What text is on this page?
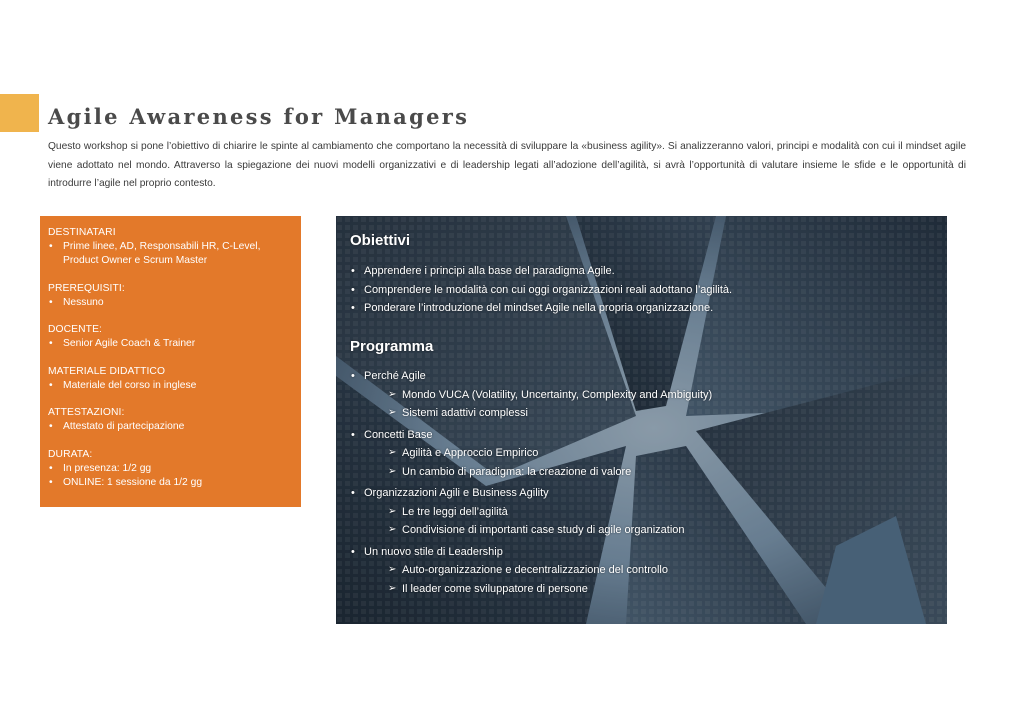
Agile Awareness for Managers

Questo workshop si pone l’obiettivo di chiarire le spinte al cambiamento che comportano la necessità di sviluppare la «business agility». Si analizzeranno valori, principi e modalità con cui il mindset agile viene adottato nel mondo. Attraverso la spiegazione dei nuovi modelli organizzativi e di leadership legati all’adozione dell’agilità, si avrà l’opportunità di valutare insieme le sfide e le opportunità di introdurre l’agile nel proprio contesto.

DESTINATARI

• Prime linee, AD, Responsabili HR, C-Level, Product Owner e Scrum Master

PREREQUISITI:

• Nessuno

DOCENTE:

• Senior Agile Coach & Trainer

MATERIALE DIDATTICO

• Materiale del corso in inglese

ATTESTAZIONI:

• Attestato di partecipazione

DURATA:

• In presenza: 1/2 gg
• ONLINE: 1 sessione da 1/2 gg
Obiettivi
• Apprendere i principi alla base del paradigma Agile.
• Comprendere le modalità con cui oggi organizzazioni reali adottano l’agilità.
• Ponderare l’introduzione del mindset Agile nella propria organizzazione.
Programma
• Perché Agile
➢ Mondo VUCA (Volatility, Uncertainty, Complexity and Ambiguity)
➢ Sistemi adattivi complessi
• Concetti Base
➢ Agilità e Approccio Empirico
➢ Un cambio di paradigma: la creazione di valore
• Organizzazioni Agili e Business Agility
➢ Le tre leggi dell’agilità
➢ Condivisione di importanti case study di agile organization
• Un nuovo stile di Leadership
➢ Auto-organizzazione e decentralizzazione del controllo
➢ Il leader come sviluppatore di persone
